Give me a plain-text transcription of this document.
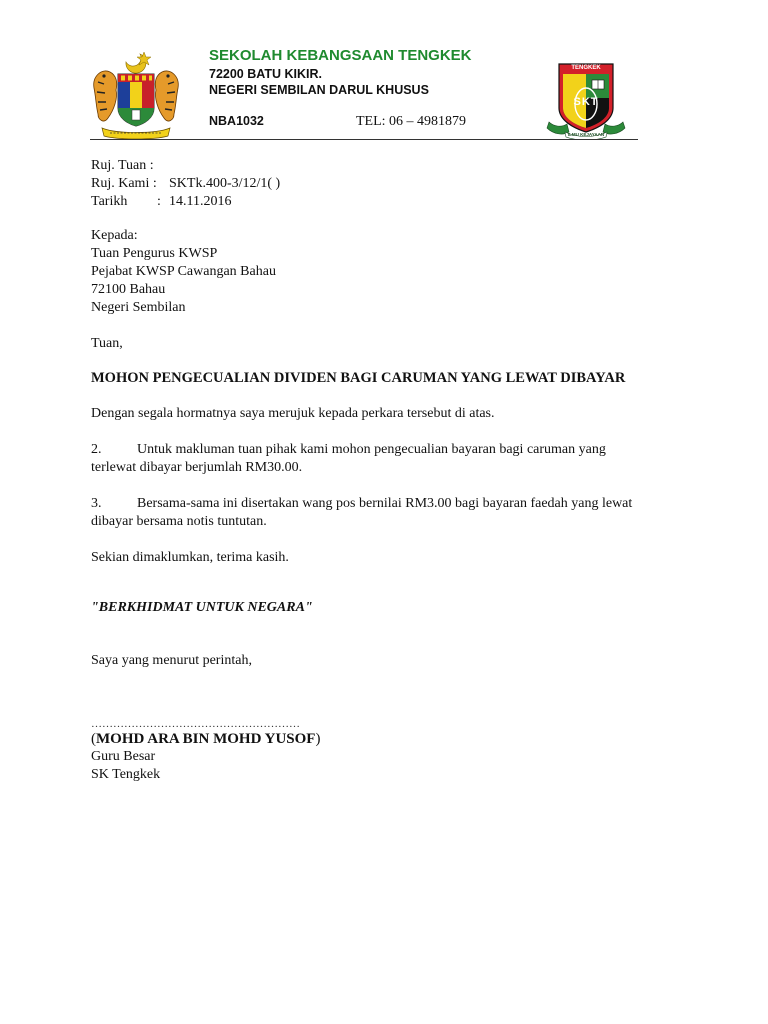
SEKOLAH KEBANGSAAN TENGKEK
72200 BATU KIKIR.
NEGERI SEMBILAN DARUL KHUSUS
NBA1032	TEL: 06 – 4981879
TENGKEK
SKT
ILMU KEJAYAAN
Ruj. Tuan :
Ruj. Kami : SKTk.400-3/12/1( )
Tarikh : 14.11.2016
Kepada:
Tuan Pengurus KWSP
Pejabat KWSP Cawangan Bahau
72100 Bahau
Negeri Sembilan
Tuan,
MOHON PENGECUALIAN DIVIDEN BAGI CARUMAN YANG LEWAT DIBAYAR
Dengan segala hormatnya saya merujuk kepada perkara tersebut di atas.
2.	Untuk makluman tuan pihak kami mohon pengecualian bayaran bagi caruman yang
terlewat dibayar berjumlah RM30.00.
3.	Bersama-sama ini disertakan wang pos bernilai RM3.00 bagi bayaran faedah yang lewat
dibayar bersama notis tuntutan.
Sekian dimaklumkan, terima kasih.
"BERKHIDMAT UNTUK NEGARA"
Saya yang menurut perintah,
…………………………………………………
(MOHD ARA BIN MOHD YUSOF)
Guru Besar
SK Tengkek
